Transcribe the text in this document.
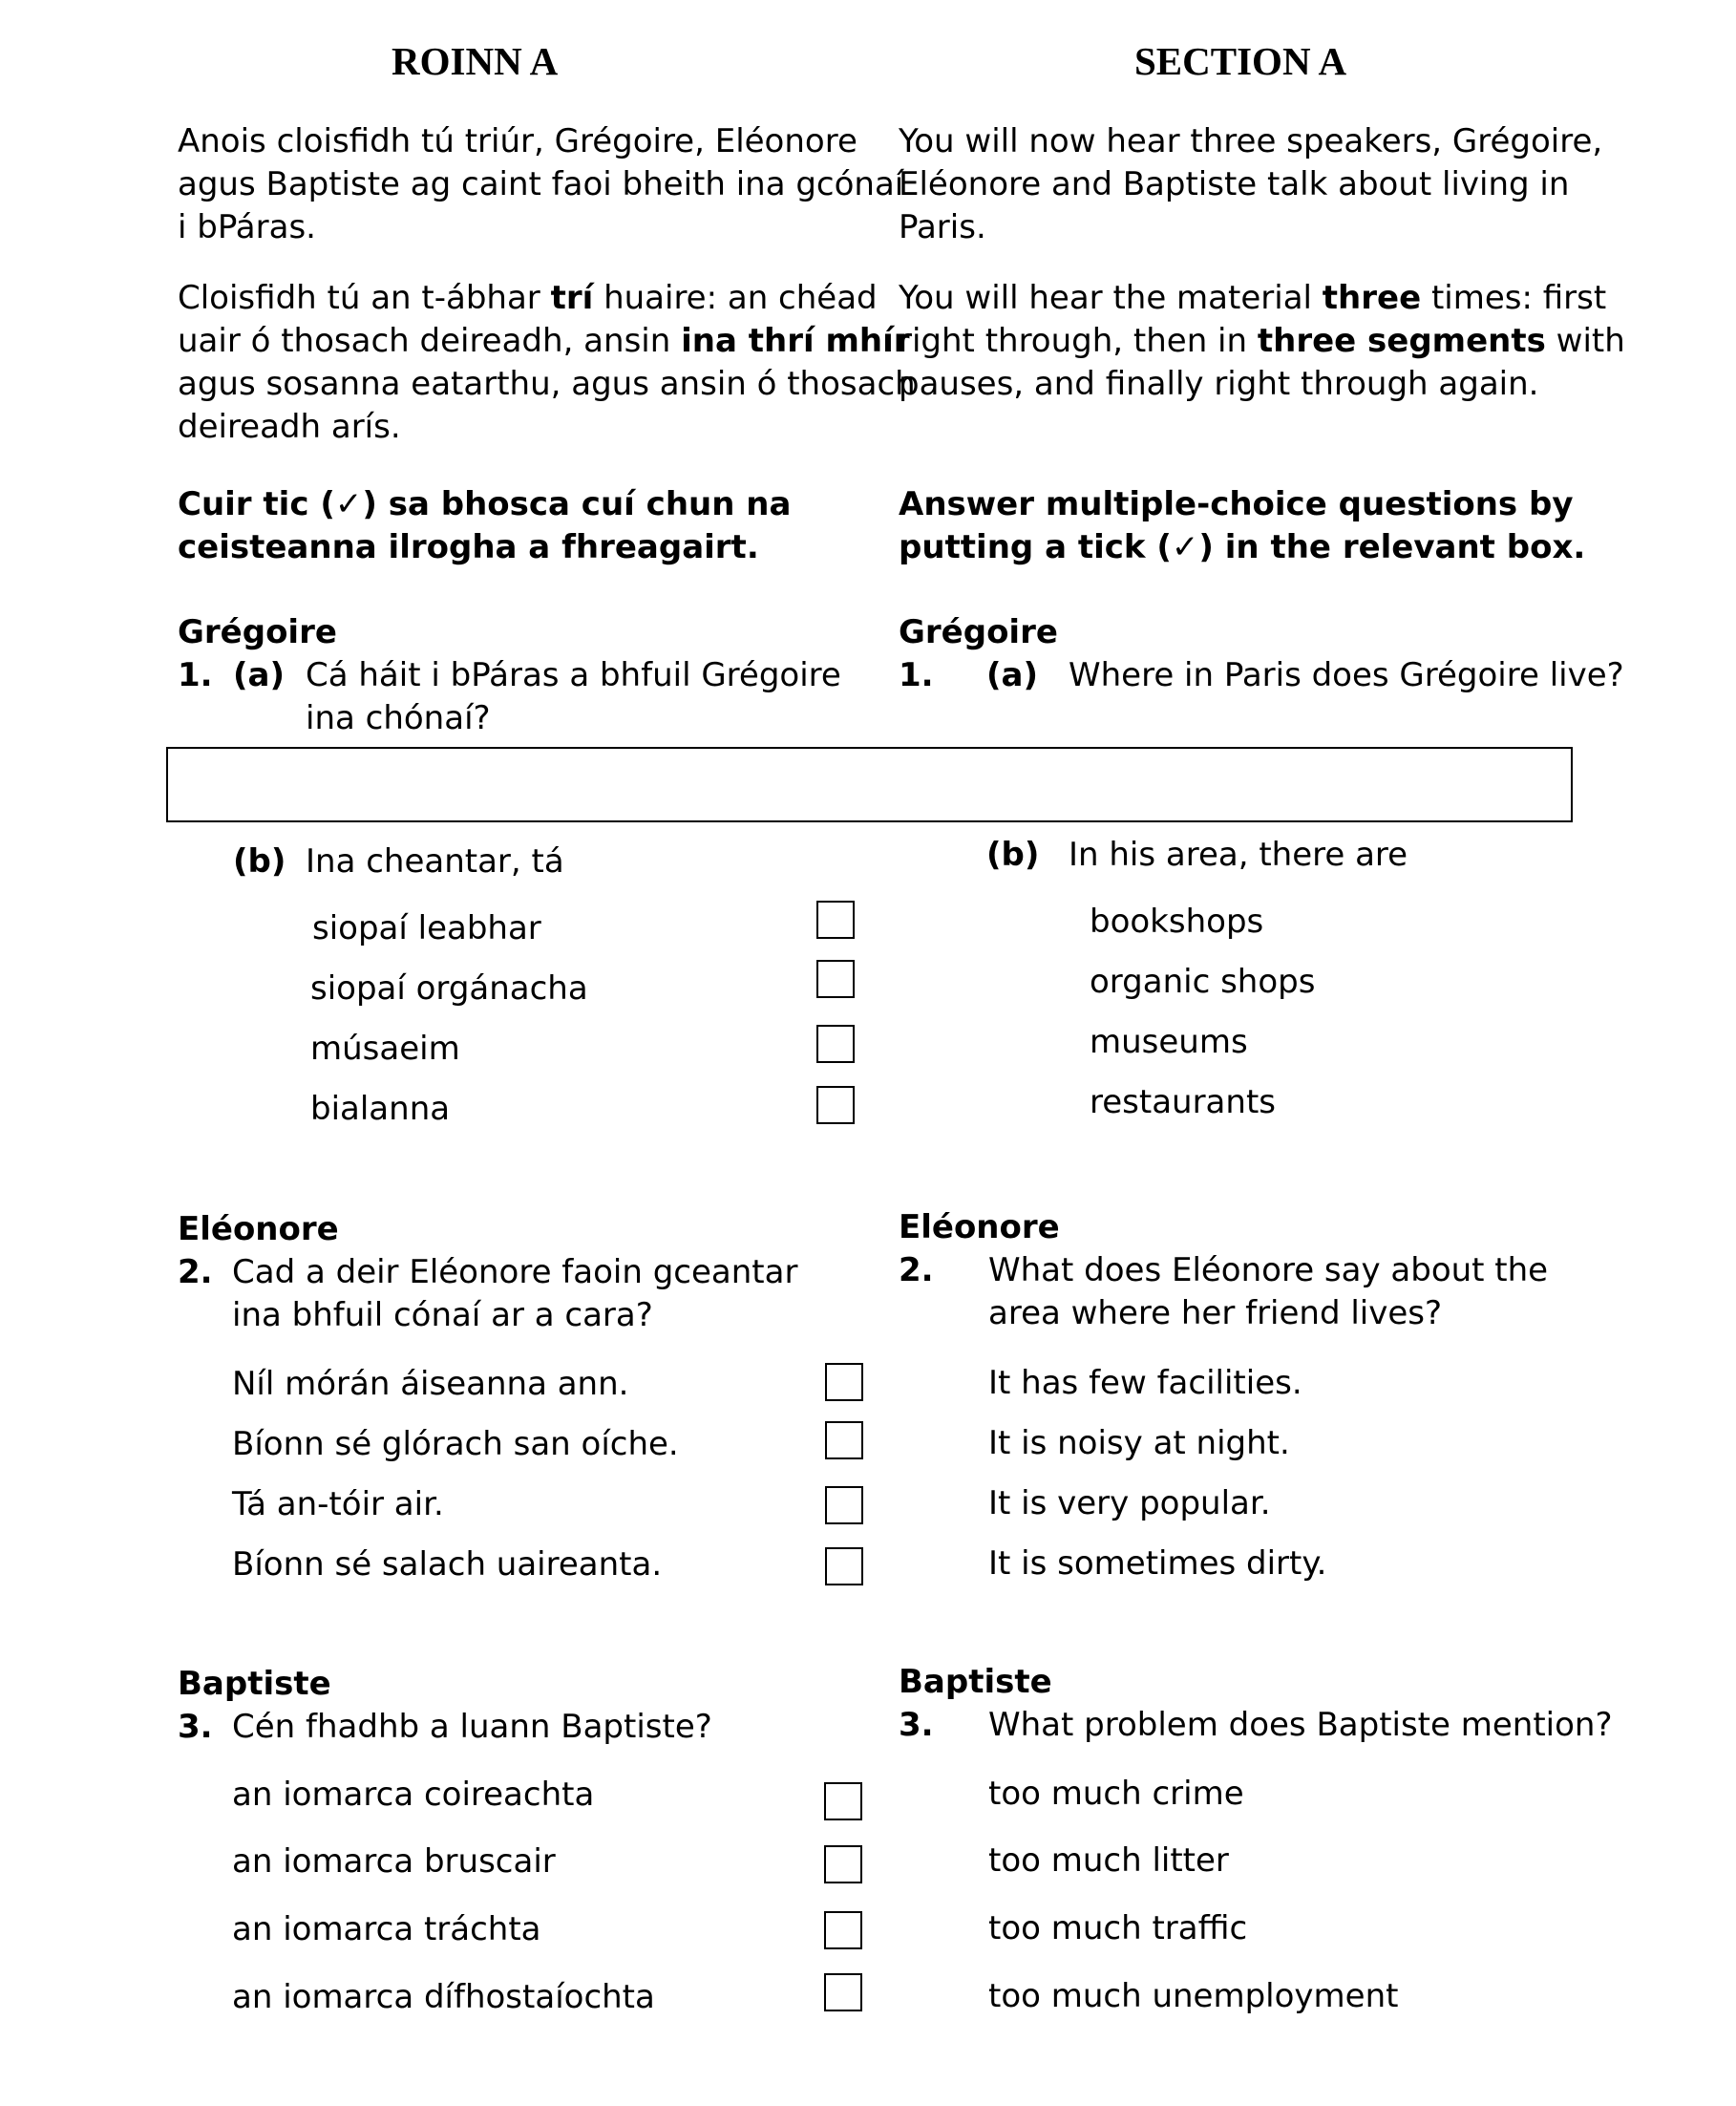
ROINN A	SECTION A
Anois cloisfidh tú triúr, Grégoire, Eléonore
agus Baptiste ag caint faoi bheith ina gcónaí
i bPáras.
You will now hear three speakers, Grégoire,
Eléonore and Baptiste talk about living in
Paris.
Cloisfidh tú an t-ábhar trí huaire: an chéad
uair ó thosach deireadh, ansin ina thrí mhír
agus sosanna eatarthu, agus ansin ó thosach
deireadh arís.
You will hear the material three times: first
right through, then in three segments with
pauses, and finally right through again.
Cuir tic (✓) sa bhosca cuí chun na
ceisteanna ilrogha a fhreagairt.
Answer multiple-choice questions by
putting a tick (✓) in the relevant box.
Grégoire	Grégoire
1. (a) Cá háit i bPáras a bhfuil Grégoire
ina chónaí?
1. (a) Where in Paris does Grégoire live?
(b) Ina cheantar, tá	(b) In his area, there are
siopaí leabhar	bookshops
siopaí orgánacha	organic shops
músaeim	museums
bialanna	restaurants
Eléonore	Eléonore
2. Cad a deir Eléonore faoin gceantar
ina bhfuil cónaí ar a cara?
2. What does Eléonore say about the
area where her friend lives?
Níl mórán áiseanna ann.	It has few facilities.
Bíonn sé glórach san oíche.	It is noisy at night.
Tá an-tóir air.	It is very popular.
Bíonn sé salach uaireanta.	It is sometimes dirty.
Baptiste	Baptiste
3. Cén fhadhb a luann Baptiste?	3. What problem does Baptiste mention?
an iomarca coireachta	too much crime
an iomarca bruscair	too much litter
an iomarca tráchta	too much traffic
an iomarca dífhostaíochta	too much unemployment
